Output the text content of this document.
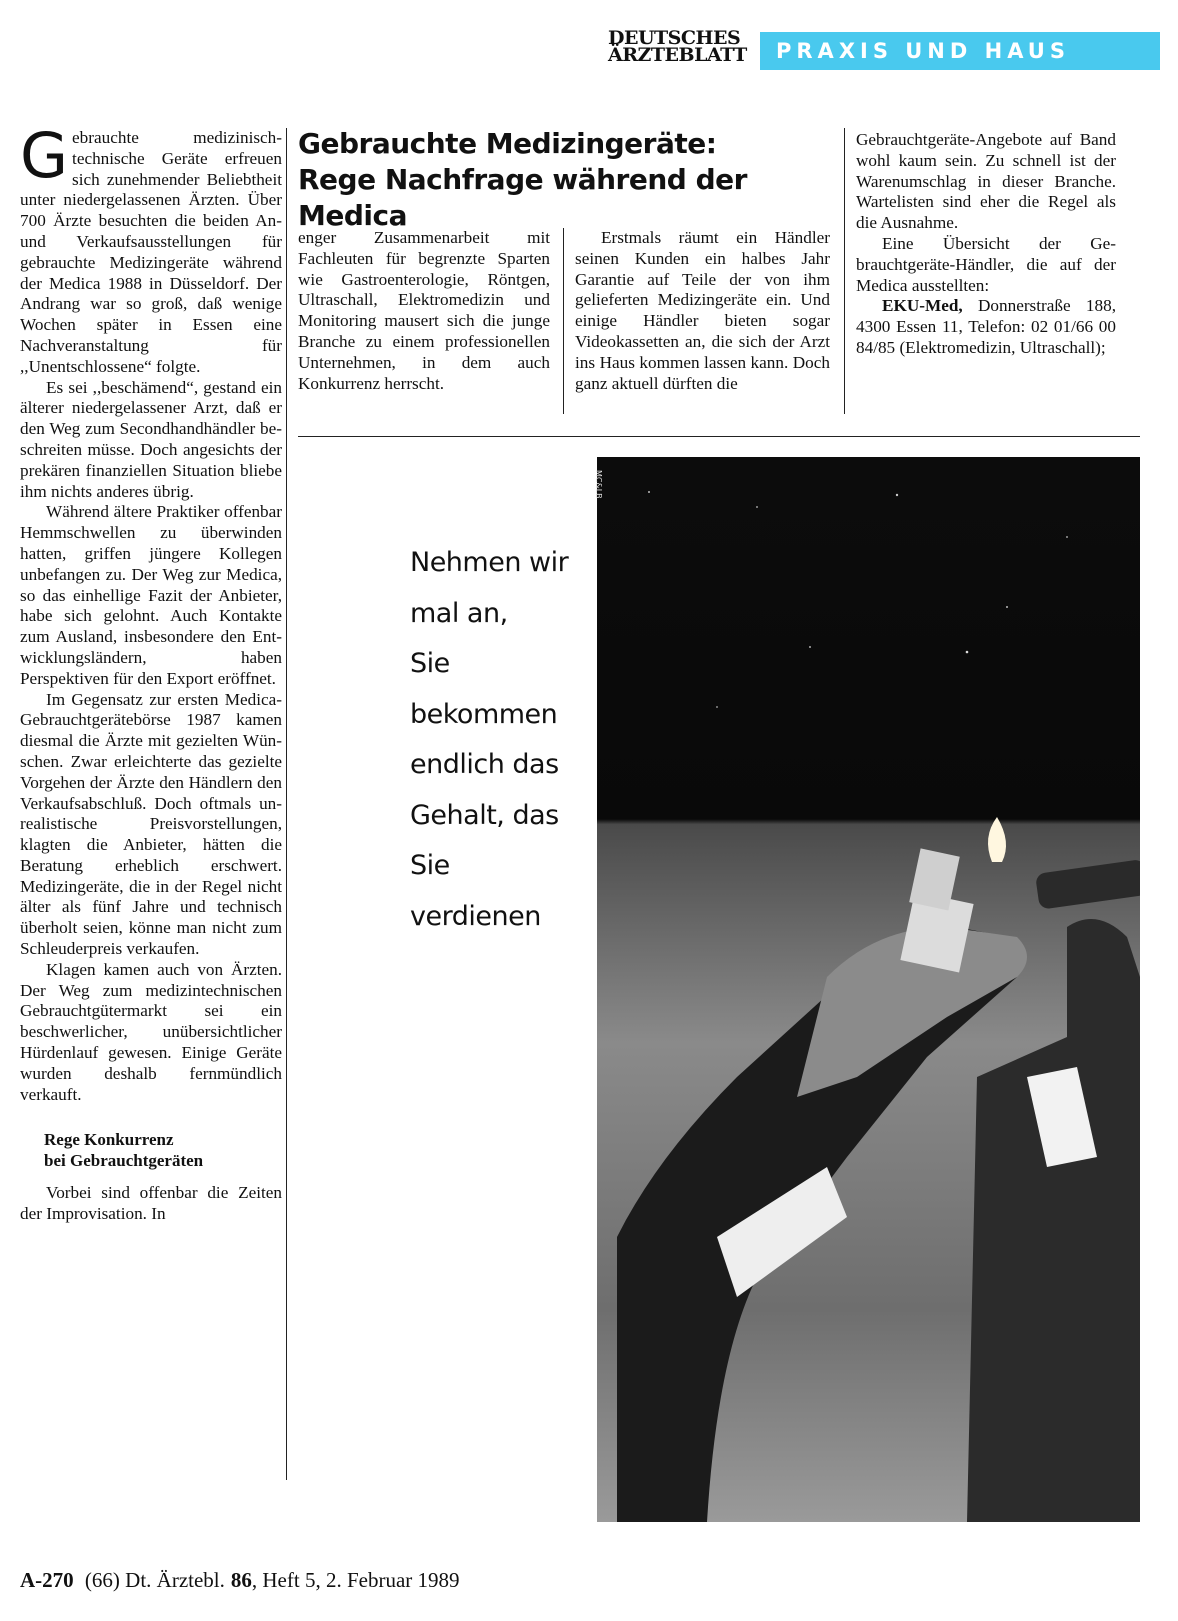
DEUTSCHES
ÄRZTEBLATT	PRAXIS UND HAUS

Gebrauchte medizinisch-technische Geräte erfreuen sich zunehmender Beliebtheit unter niedergelassenen Ärzten. Über 700 Ärzte besuchten die beiden An- und Verkaufsausstellungen für gebrauchte Medizingeräte während der Medica 1988 in Düsseldorf. Der Andrang war so groß, daß wenige Wochen später in Essen eine Nachveranstaltung für ,,Unentschlossene“ folgte.

Es sei ,,beschämend“, gestand ein älterer niedergelassener Arzt, daß er den Weg zum Secondhandhändler beschreiten müsse. Doch angesichts der prekären finanziellen Situation bliebe ihm nichts anderes übrig.

Während ältere Praktiker offenbar Hemmschwellen zu überwinden hatten, griffen jüngere Kollegen unbefangen zu. Der Weg zur Medica, so das einhellige Fazit der Anbieter, habe sich gelohnt. Auch Kontakte zum Ausland, insbesondere den Entwicklungsländern, haben Perspektiven für den Export eröffnet.

Im Gegensatz zur ersten Medica-Gebrauchtgerätebörse 1987 kamen diesmal die Ärzte mit gezielten Wünschen. Zwar erleichterte das gezielte Vorgehen der Ärzte den Händlern den Verkaufsabschluß. Doch oftmals unrealistische Preisvorstellungen, klagten die Anbieter, hätten die Beratung erheblich erschwert. Medizingeräte, die in der Regel nicht älter als fünf Jahre und technisch überholt seien, könne man nicht zum Schleuderpreis verkaufen.

Klagen kamen auch von Ärzten. Der Weg zum medizintechnischen Gebrauchtgütermarkt sei ein beschwerlicher, unübersichtlicher Hürdenlauf gewesen. Einige Geräte wurden deshalb fernmündlich verkauft.

Rege Konkurrenz
bei Gebrauchtgeräten

Vorbei sind offenbar die Zeiten der Improvisation. In

Gebrauchte Medizingeräte:
Rege Nachfrage während der Medica

enger Zusammenarbeit mit Fachleuten für begrenzte Sparten wie Gastroenterologie, Röntgen, Ultraschall, Elektromedizin und Monitoring mausert sich die junge Branche zu einem professionellen Unternehmen, in dem auch Konkurrenz herrscht.

Erstmals räumt ein Händler seinen Kunden ein halbes Jahr Garantie auf Teile der von ihm gelieferten Medizingeräte ein. Und einige Händler bieten sogar Videokassetten an, die sich der Arzt ins Haus kommen lassen kann. Doch ganz aktuell dürften die

Gebrauchtgeräte-Angebote auf Band wohl kaum sein. Zu schnell ist der Warenumschlag in dieser Branche. Wartelisten sind eher die Regel als die Ausnahme.

Eine Übersicht der Gebrauchtgeräte-Händler, die auf der Medica ausstellten:

EKU-Med, Donnerstraße 188, 4300 Essen 11, Telefon: 02 01/66 00 84/85 (Elektromedizin, Ultraschall);

MC&LB
Nehmen wir
mal an,
Sie bekommen
endlich das
Gehalt, das Sie
verdienen
A-270 (66) Dt. Ärztebl. 86, Heft 5, 2. Februar 1989
